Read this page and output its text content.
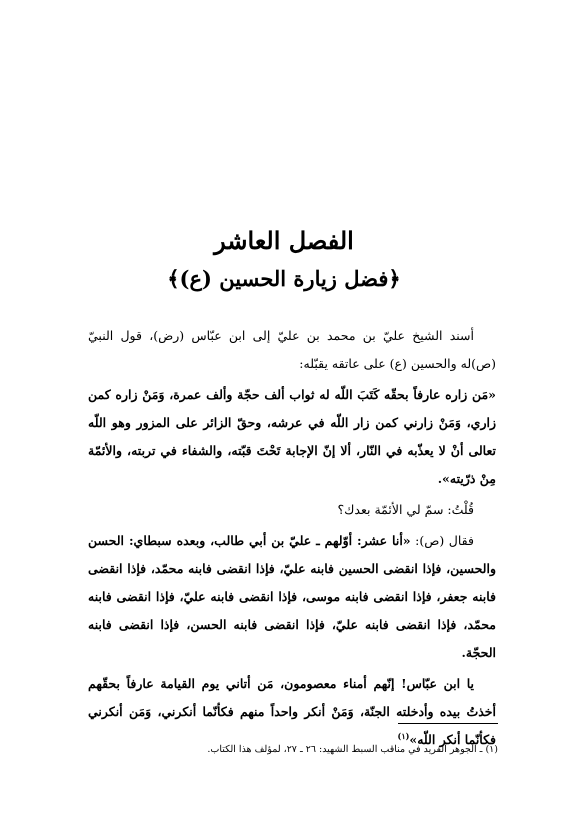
الفصل العاشر
﴿فضل زيارة الحسين (ع)﴾

أسند الشيخ عليّ بن محمد بن عليّ إلى ابن عبّاس (رض)، قول النبيّ (ص)له والحسين (ع) على عاتقه يقبّله:

«مَن زاره عارفاً بحقّه كَتَبَ اللّه له ثواب ألف حجّة وألف عمرة، وَمَنْ زاره كمن زاري، وَمَنْ زارني كمن زار اللّه في عرشه، وحقّ الزائر على المزور وهو اللّه تعالى أنْ لا يعذّبه في النّار، ألا إنّ الإجابة تَحْتَ قبّته، والشفاء في تربته، والأئمّة مِنْ ذرّيته».

قُلْتُ: سمّ لي الأئمّة بعدك؟

فقال (ص): «أنا عشر: أوّلهم ـ عليّ بن أبي طالب، وبعده سبطاي: الحسن والحسين، فإذا انقضى الحسين فابنه عليّ، فإذا انقضى فابنه محمّد، فإذا انقضى فابنه جعفر، فإذا انقضى فابنه موسى، فإذا انقضى فابنه عليّ، فإذا انقضى فابنه محمّد، فإذا انقضى فابنه عليّ، فإذا انقضى فابنه الحسن، فإذا انقضى فابنه الحجّة.

يا ابن عبّاس! إنّهم أمناء معصومون، مَن أتاني يوم القيامة عارفاً بحقّهم أخذتُ بيده وأدخلته الجنّة، وَمَنْ أنكر واحداً منهم فكأنّما أنكرني، وَمَن أنكرني فكأنّما أنكر اللّه»$^{(١)}$

(١) ـ الجوهر الفريد في مناقب السبط الشهيد: ٢٦ ـ ٢٧، لمؤلف هذا الكتاب.
